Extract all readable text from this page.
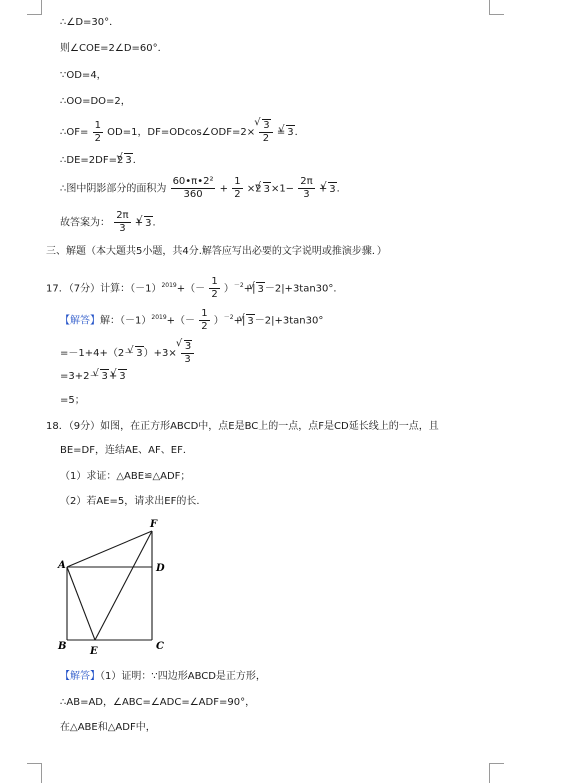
∴∠D=30°．
则∠COE=2∠D=60°．
∵OD=4，
∴OO=DO=2，
∴OF= $\frac{1}{2} OD=1$，DF=ODcos∠ODF=2×
√ $\frac{3}{2}$ =√ 3．
∴DE=2DF=2√ 3．
∴图中阴影部分的面积为 $\frac{\text{60•π•2²}}{360} + \frac{1}{2} \times 2√$ $3\times 1- \frac{2\pi}{3}$ +√ 3．
故答案为： $\frac{2\pi}{3}$ +√ 3．
三、解题（本大题共5小题，共4分.解答应写出必要的文字说明或推演步骤．）
17．（7分）计算：$(-1)^{2019}+(- \frac{1}{2} )^{-2}+|√$ 3－2|+3tan30°．
【解答】解：$(-1)^{2019}+(- \frac{1}{2} )^{-2}+|√$ 3－2|+3tan30°
=－1+4+（2－√ 3）+3×
√ $\frac{3}{3}$
=3+2－√ 3+√ 3
=5；
18．（9分）如图，在正方形ABCD中，点E是BC上的一点，点F是CD延长线上的一点，且
BE=DF，连结AE、AF、EF．
（1）求证：△ABE≌△ADF；
（2）若AE=5，请求出EF的长．
F
A	D
B	C
E
【解答】（1）证明：∵四边形ABCD是正方形，
∴AB=AD，∠ABC=∠ADC=∠ADF=90°，
在△ABE和△ADF中，
